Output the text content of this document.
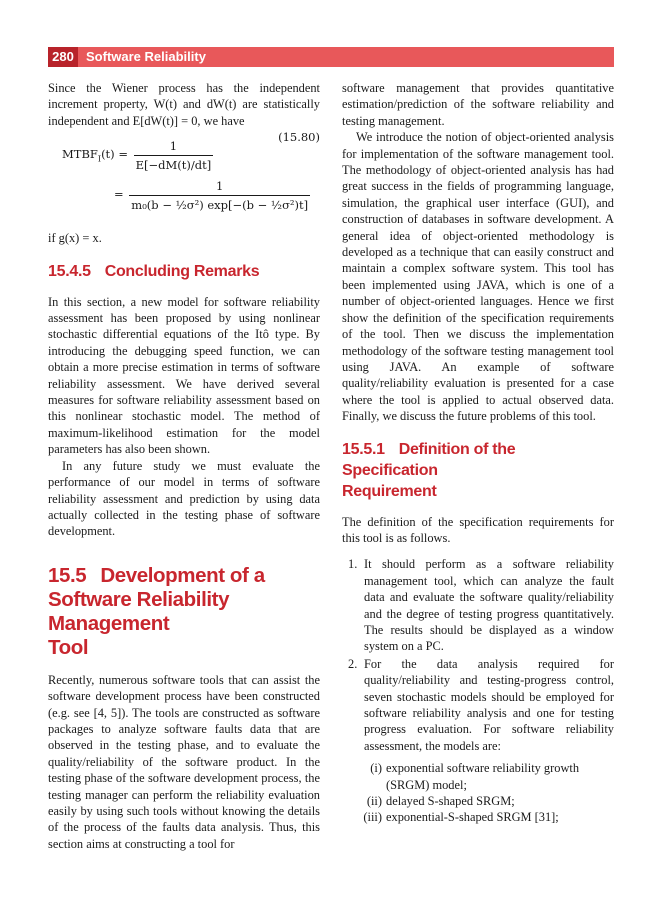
280 Software Reliability

Since the Wiener process has the independent increment property, W(t) and dW(t) are statistically independent and E[dW(t)] = 0, we have

$MTBF_I(t) = \frac{1}{E[-dM(t)/dt]}$
= $\frac{1}{\text{m₀(b − ½σ²) exp[−(b − ½σ²)t]}}$
(15.80)

if g(x) = x.

15.4.5 Concluding Remarks

In this section, a new model for software reliability assessment has been proposed by using nonlinear stochastic differential equations of the Itô type. By introducing the debugging speed function, we can obtain a more precise estimation in terms of software reliability assessment. We have derived several measures for software reliability assessment based on this nonlinear stochastic model. The method of maximum-likelihood estimation for the model parameters has also been shown.

In any future study we must evaluate the performance of our model in terms of software reliability assessment and prediction by using data actually collected in the testing phase of software development.

15.5 Development of a
Software Reliability Management
Tool

Recently, numerous software tools that can assist the software development process have been constructed (e.g. see [4, 5]). The tools are constructed as software packages to analyze software faults data that are observed in the testing phase, and to evaluate the quality/reliability of the software product. In the testing phase of the software development process, the testing manager can perform the reliability evaluation easily by using such tools without knowing the details of the process of the faults data analysis. Thus, this section aims at constructing a tool for

software management that provides quantitative estimation/prediction of the software reliability and testing management.

We introduce the notion of object-oriented analysis for implementation of the software management tool. The methodology of object-oriented analysis has had great success in the fields of programming language, simulation, the graphical user interface (GUI), and construction of databases in software development. A general idea of object-oriented methodology is developed as a technique that can easily construct and maintain a complex software system. This tool has been implemented using JAVA, which is one of a number of object-oriented languages. Hence we first show the definition of the specification requirements of the tool. Then we discuss the implementation methodology of the software testing management tool using JAVA. An example of software quality/reliability evaluation is presented for a case where the tool is applied to actual observed data. Finally, we discuss the future problems of this tool.

15.5.1 Definition of the Specification
Requirement

The definition of the specification requirements for this tool is as follows.

1. It should perform as a software reliability management tool, which can analyze the fault data and evaluate the software quality/reliability and the degree of testing progress quantitatively. The results should be displayed as a window system on a PC.

2. For the data analysis required for quality/reliability and testing-progress control, seven stochastic models should be employed for software reliability analysis and one for testing progress evaluation. For software reliability assessment, the models are:

(i) exponential software reliability growth (SRGM) model;

(ii) delayed S-shaped SRGM;

(iii) exponential-S-shaped SRGM [31];
